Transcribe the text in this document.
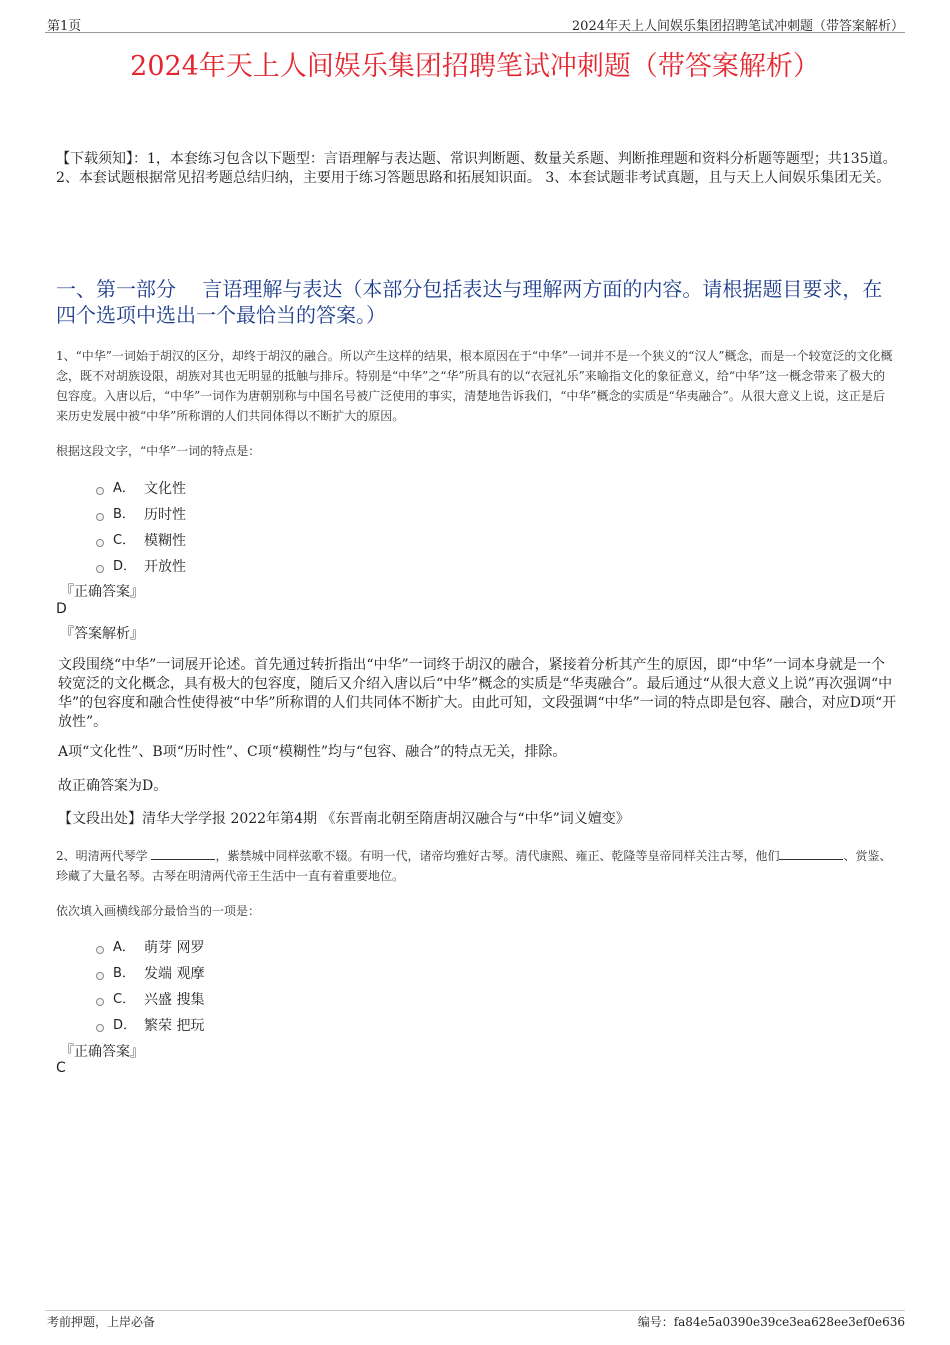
第1页	2024年天上人间娱乐集团招聘笔试冲刺题（带答案解析）
2024年天上人间娱乐集团招聘笔试冲刺题（带答案解析）
【下载须知】：1，本套练习包含以下题型：言语理解与表达题、常识判断题、数量关系题、判断推理题和资料分析题等题型；共135道。 2、本套试题根据常见招考题总结归纳，主要用于练习答题思路和拓展知识面。 3、本套试题非考试真题，且与天上人间娱乐集团无关。
一、第一部分　 言语理解与表达（本部分包括表达与理解两方面的内容。请根据题目要求，在四个选项中选出一个最恰当的答案。）
1、“中华”一词始于胡汉的区分，却终于胡汉的融合。所以产生这样的结果，根本原因在于“中华”一词并不是一个狭义的“汉人”概念，而是一个较宽泛的文化概念，既不对胡族设限，胡族对其也无明显的抵触与排斥。特别是“中华”之“华”所具有的以“衣冠礼乐”来喻指文化的象征意义，给“中华”这一概念带来了极大的包容度。入唐以后，“中华”一词作为唐朝别称与中国名号被广泛使用的事实，清楚地告诉我们，“中华”概念的实质是“华夷融合”。从很大意义上说，这正是后来历史发展中被“中华”所称谓的人们共同体得以不断扩大的原因。
根据这段文字，“中华”一词的特点是：
A． 文化性
B． 历时性
C． 模糊性
D． 开放性
『正确答案』
D
『答案解析』
文段围绕“中华”一词展开论述。首先通过转折指出“中华”一词终于胡汉的融合，紧接着分析其产生的原因，即“中华”一词本身就是一个较宽泛的文化概念，具有极大的包容度，随后又介绍入唐以后“中华”概念的实质是“华夷融合”。最后通过“从很大意义上说”再次强调“中华”的包容度和融合性使得被“中华”所称谓的人们共同体不断扩大。由此可知，文段强调“中华”一词的特点即是包容、融合，对应D项“开放性”。
A项“文化性”、B项“历时性”、C项“模糊性”均与“包容、融合”的特点无关，排除。
故正确答案为D。
【文段出处】清华大学学报 2022年第4期 《东晋南北朝至隋唐胡汉融合与“中华”词义嬗变》
2、明清两代琴学	，紫禁城中同样弦歌不辍。有明一代，诸帝均雅好古琴。清代康熙、雍正、乾隆等皇帝同样关注古琴，他们	、赏鉴、珍藏了大量名琴。古琴在明清两代帝王生活中一直有着重要地位。
依次填入画横线部分最恰当的一项是：
A． 萌芽 网罗
B． 发端 观摩
C． 兴盛 搜集
D． 繁荣 把玩
『正确答案』
C
考前押题，上岸必备	编号：fa84e5a0390e39ce3ea628ee3ef0e636
